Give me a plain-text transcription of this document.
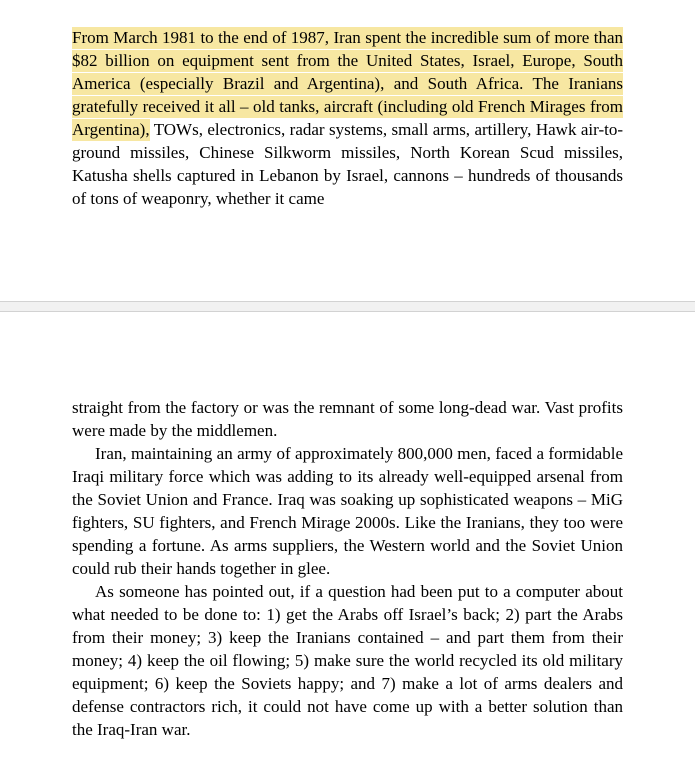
From March 1981 to the end of 1987, Iran spent the incredible sum of more than $82 billion on equipment sent from the United States, Israel, Europe, South America (especially Brazil and Argentina), and South Africa. The Iranians gratefully received it all – old tanks, aircraft (including old French Mirages from Argentina), TOWs, electronics, radar systems, small arms, artillery, Hawk air-to-ground missiles, Chinese Silkworm missiles, North Korean Scud missiles, Katusha shells captured in Lebanon by Israel, cannons – hundreds of thousands of tons of weaponry, whether it came

straight from the factory or was the remnant of some long-dead war. Vast profits were made by the middlemen.

Iran, maintaining an army of approximately 800,000 men, faced a formidable Iraqi military force which was adding to its already well-equipped arsenal from the Soviet Union and France. Iraq was soaking up sophisticated weapons – MiG fighters, SU fighters, and French Mirage 2000s. Like the Iranians, they too were spending a fortune. As arms suppliers, the Western world and the Soviet Union could rub their hands together in glee.

As someone has pointed out, if a question had been put to a computer about what needed to be done to: 1) get the Arabs off Israel’s back; 2) part the Arabs from their money; 3) keep the Iranians contained – and part them from their money; 4) keep the oil flowing; 5) make sure the world recycled its old military equipment; 6) keep the Soviets happy; and 7) make a lot of arms dealers and defense contractors rich, it could not have come up with a better solution than the Iraq-Iran war.
